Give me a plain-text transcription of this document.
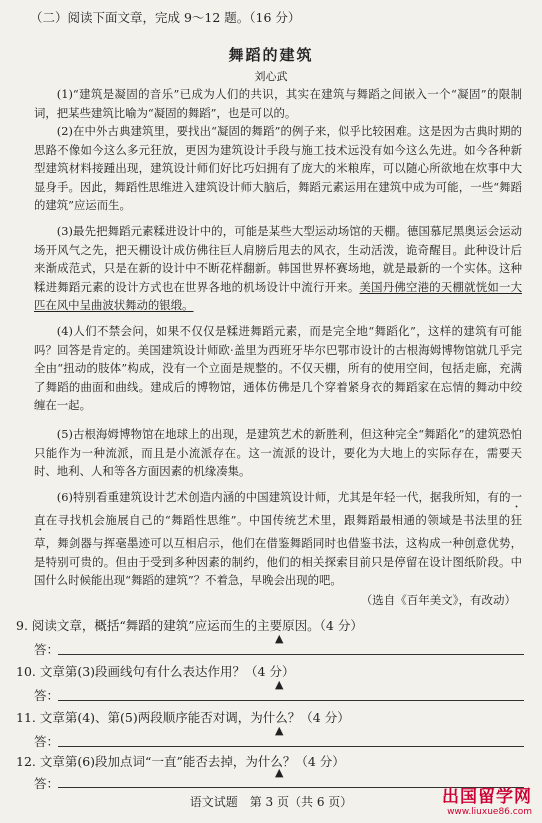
（二）阅读下面文章，完成 9～12 题。（16 分）
舞蹈的建筑
刘心武
(1)“建筑是凝固的音乐”已成为人们的共识，其实在建筑与舞蹈之间嵌入一个“凝固”的限制词，把某些建筑比喻为“凝固的舞蹈”，也是可以的。
(2)在中外古典建筑里，要找出“凝固的舞蹈”的例子来，似乎比较困难。这是因为古典时期的思路不像如今这么多元狂放，更因为建筑设计手段与施工技术远没有如今这么先进。如今各种新型建筑材料接踵出现，建筑设计师们好比巧妇拥有了庞大的米粮库，可以随心所欲地在炊事中大显身手。因此，舞蹈性思维进入建筑设计师大脑后，舞蹈元素运用在建筑中成为可能，一些“舞蹈的建筑”应运而生。
(3)最先把舞蹈元素糅进设计中的，可能是某些大型运动场馆的天棚。德国慕尼黑奥运会运动场开风气之先，把天棚设计成仿佛往巨人肩膀后甩去的风衣，生动活泼，诡奇醒目。此种设计后来渐成范式，只是在新的设计中不断花样翻新。韩国世界杯赛场地，就是最新的一个实体。这种糅进舞蹈元素的设计方式也在世界各地的机场设计中流行开来。美国丹佛空港的天棚就恍如一大匹在风中呈曲波状舞动的银缎。
(4)人们不禁会问，如果不仅仅是糅进舞蹈元素，而是完全地“舞蹈化”，这样的建筑有可能吗？回答是肯定的。美国建筑设计师欧·盖里为西班牙毕尔巴鄂市设计的古根海姆博物馆就几乎完全由“扭动的肢体”构成，没有一个立面是规整的。不仅天棚，所有的使用空间，包括走廊，充满了舞蹈的曲面和曲线。建成后的博物馆，通体仿佛是几个穿着紧身衣的舞蹈家在忘情的舞动中绞缠在一起。
(5)古根海姆博物馆在地球上的出现，是建筑艺术的新胜利，但这种完全“舞蹈化”的建筑恐怕只能作为一种流派，而且是小流派存在。这一流派的设计，要化为大地上的实际存在，需要天时、地利、人和等各方面因素的机缘凑集。
(6)特别看重建筑设计艺术创造内涵的中国建筑设计师，尤其是年轻一代，据我所知，有的一直在寻找机会施展自己的“舞蹈性思维”。中国传统艺术里，跟舞蹈最相通的领域是书法里的狂草，舞剑器与挥毫墨迹可以互相启示，他们在借鉴舞蹈同时也借鉴书法，这构成一种创意优势，是特别可贵的。但由于受到多种因素的制约，他们的相关探索目前只是停留在设计图纸阶段。中国什么时候能出现“舞蹈的建筑”？不着急，早晚会出现的吧。
（选自《百年美文》，有改动）
9. 阅读文章，概括“舞蹈的建筑”应运而生的主要原因。（4 分）
▲
答：
10. 文章第(3)段画线句有什么表达作用？（4 分）
▲
答：
11. 文章第(4)、第(5)两段顺序能否对调，为什么？（4 分）
▲
答：
12. 文章第(6)段加点词“一直”能否去掉，为什么？（4 分）
▲
答：
语文试题　第 3 页（共 6 页）	出国留学网
www.liuxue86.com
